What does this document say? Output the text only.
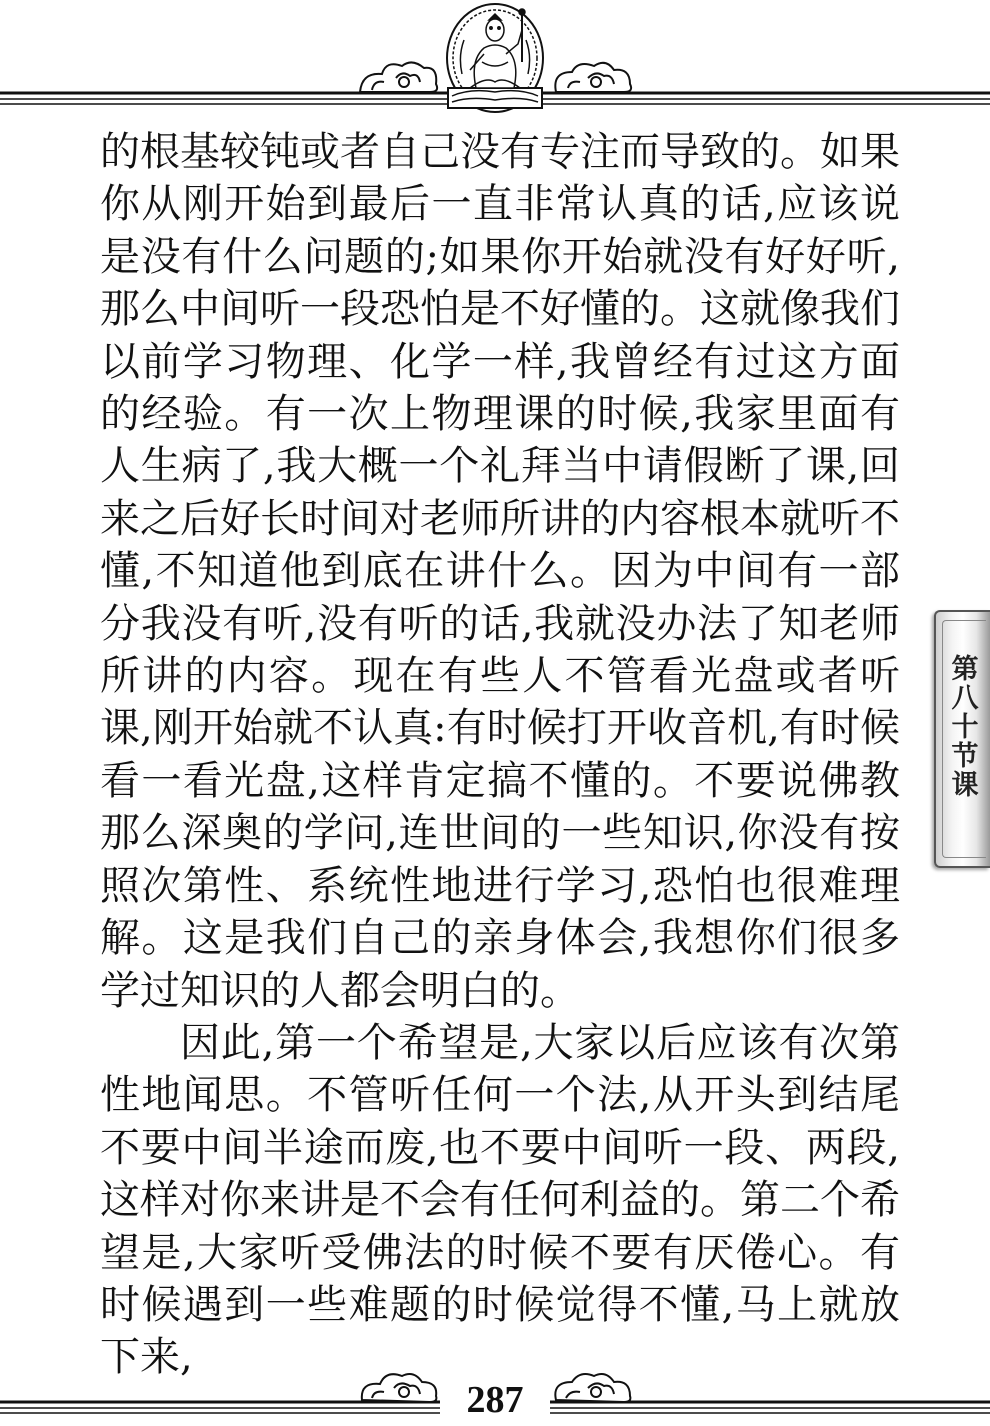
的根基较钝或者自己没有专注而导致的。如果你从刚开始到最后一直非常认真的话,应该说是没有什么问题的;如果你开始就没有好好听,那么中间听一段恐怕是不好懂的。这就像我们以前学习物理、化学一样,我曾经有过这方面的经验。有一次上物理课的时候,我家里面有人生病了,我大概一个礼拜当中请假断了课,回来之后好长时间对老师所讲的内容根本就听不懂,不知道他到底在讲什么。因为中间有一部分我没有听,没有听的话,我就没办法了知老师所讲的内容。现在有些人不管看光盘或者听课,刚开始就不认真:有时候打开收音机,有时候看一看光盘,这样肯定搞不懂的。不要说佛教那么深奥的学问,连世间的一些知识,你没有按照次第性、系统性地进行学习,恐怕也很难理解。这是我们自己的亲身体会,我想你们很多学过知识的人都会明白的。

因此,第一个希望是,大家以后应该有次第性地闻思。不管听任何一个法,从开头到结尾不要中间半途而废,也不要中间听一段、两段,这样对你来讲是不会有任何利益的。第二个希望是,大家听受佛法的时候不要有厌倦心。有时候遇到一些难题的时候觉得不懂,马上就放下来,

第八十节课
287
